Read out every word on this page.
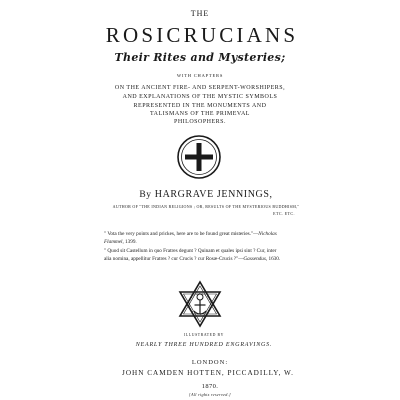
THE
ROSICRUCIANS
Their Rites and Mysteries;
WITH CHAPTERS
ON THE ANCIENT FIRE- AND SERPENT-WORSHIPERS,
AND EXPLANATIONS OF THE MYSTIC SYMBOLS
REPRESENTED IN THE MONUMENTS AND
TALISMANS OF THE PRIMEVAL
PHILOSOPHERS.
By HARGRAVE JENNINGS,
AUTHOR OF "THE INDIAN RELIGIONS ; OR, RESULTS OF THE MYSTERIOUS BUDDHISM,"
ETC. ETC.
" Vota the very points and prickes, here are to be found great misteries."—Nicholas
Flammel, 1399.
" Quod sit Castellum in quo Fratres degunt ? Quinam et quales ipsi sint ? Cur, inter
alia nomina, appellitur Fratres ? cur Crucis ? cur Rosæ-Crucis ?"—Gassendus, 1630.
ILLUSTRATED BY
NEARLY THREE HUNDRED ENGRAVINGS.
LONDON:
JOHN CAMDEN HOTTEN, PICCADILLY, W.
1870.
[All rights reserved.]
